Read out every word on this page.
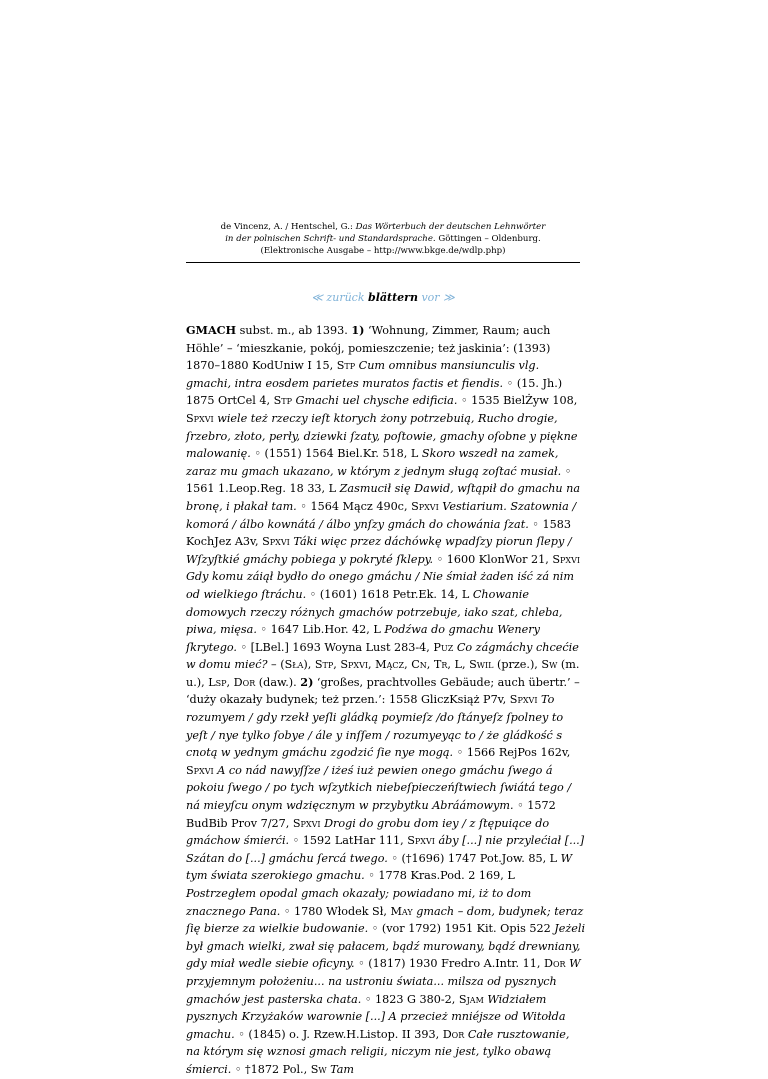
de Vincenz, A. / Hentschel, G.: Das Wörterbuch der deutschen Lehnwörter
in der polnischen Schrift- und Standardsprache. Göttingen – Oldenburg.
(Elektronische Ausgabe – http://www.bkge.de/wdlp.php)
≪ zurück blättern vor ≫
GMACH subst. m., ab 1393. 1) ‘Wohnung, Zimmer, Raum; auch Höhle’ – ‘mieszkanie, pokój, pomieszczenie; też jaskinia’: (1393) 1870–1880 KodUniw I 15, Stp Cum omnibus mansiunculis vlg. gmachi, intra eosdem parietes muratos factis et fiendis. ◦ (15. Jh.) 1875 OrtCel 4, Stp Gmachi uel chysche edificia. ◦ 1535 BielŻyw 108, Spxvi wiele też rzeczy ieſt ktorych żony potrzebuią, Rucho drogie, ſrzebro, złoto, perły, dziewki ſzaty, poſtowie, gmachy oſobne y piękne malowanię. ◦ (1551) 1564 Biel.Kr. 518, L Skoro wszedł na zamek, zaraz mu gmach ukazano, w którym z jednym sługą zoſtać musiał. ◦ 1561 1.Leop.Reg. 18 33, L Zasmucił się Dawid, wſtąpił do gmachu na bronę, i płakał tam. ◦ 1564 Mącz 490c, Spxvi Vestiarium. Szatownia / komorá / álbo kownátá / álbo ynſzy gmách do chowánia ſzat. ◦ 1583 KochJez A3v, Spxvi Táki więc przez dáchówkę wpadſzy piorun ſlepy / Wſzyſtkié gmáchy pobiega y pokryté ſklepy. ◦ 1600 KlonWor 21, Spxvi Gdy komu záiął bydło do onego gmáchu / Nie śmiał żaden iść zá nim od wielkiego ſtráchu. ◦ (1601) 1618 Petr.Ek. 14, L Chowanie domowych rzeczy różnych gmachów potrzebuje, iako szat, chleba, piwa, mięsa. ◦ 1647 Lib.Hor. 42, L Podźwa do gmachu Wenery ſkrytego. ◦ [LBel.] 1693 Woyna Lust 283-4, Puz Co zágmáchy chcećie w domu mieć? – (Sła), Stp, Spxvi, Mącz, Cn, Tr, L, Swil (prze.), Sw (m. u.), Lsp, Dor (daw.). 2) ‘großes, prachtvolles Gebäude; auch übertr.’ – ‘duży okazały budynek; też przen.’: 1558 GliczKsiąż P7v, Spxvi To rozumyem / gdy rzekł yeſli gládką poymieſz /do ſtányeſz ſpolney to yeſt / nye tylko ſobye / ále y inſſem / rozumyeyąc to / że gládkość s cnotą w yednym gmáchu zgodzić ſie nye mogą. ◦ 1566 RejPos 162v, Spxvi A co nád nawyſſze / iżeś iuż pewien onego gmáchu ſwego á pokoiu ſwego / po tych wſzytkich niebeſpieczeńſtwiech ſwiátá tego / ná mieyſcu onym wdzięcznym w przybytku Abráámowym. ◦ 1572 BudBib Prov 7/27, Spxvi Drogi do grobu dom iey / z ſtępuiące do gmáchow śmierći. ◦ 1592 LatHar 111, Spxvi áby [...] nie przylećiał [...] Szátan do [...] gmáchu ſercá twego. ◦ (†1696) 1747 Pot.Jow. 85, L W tym świata szerokiego gmachu. ◦ 1778 Kras.Pod. 2 169, L Postrzegłem opodal gmach okazały; powiadano mi, iż to dom znacznego Pana. ◦ 1780 Włodek Sł, May gmach – dom, budynek; teraz ſię bierze za wielkie budowanie. ◦ (vor 1792) 1951 Kit. Opis 522 Jeżeli był gmach wielki, zwał się pałacem, bądź murowany, bądź drewniany, gdy miał wedle siebie oficyny. ◦ (1817) 1930 Fredro A.Intr. 11, Dor W przyjemnym położeniu... na ustroniu świata... milsza od pysznych gmachów jest pasterska chata. ◦ 1823 G 380-2, Sjam Widziałem pysznych Krzyżaków warownie [...] A przecież mniéjsze od Witołda gmachu. ◦ (1845) o. J. Rzew.H.Listop. II 393, Dor Całe rusztowanie, na którym się wznosi gmach religii, niczym nie jest, tylko obawą śmierci. ◦ †1872 Pol., Sw Tam
